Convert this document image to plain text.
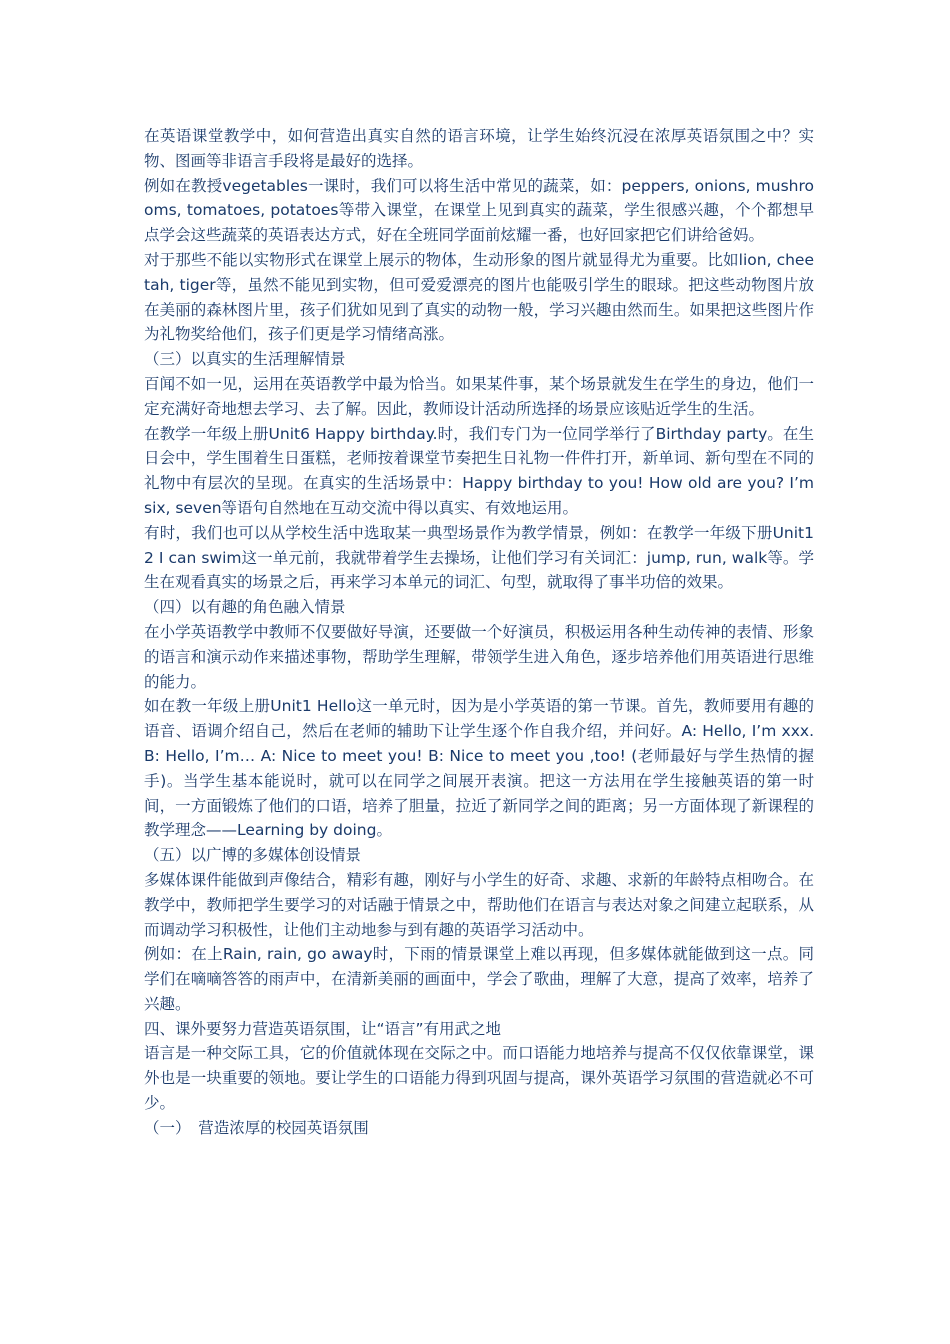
在英语课堂教学中，如何营造出真实自然的语言环境，让学生始终沉浸在浓厚英语氛围之中？实物、图画等非语言手段将是最好的选择。

例如在教授vegetables一课时，我们可以将生活中常见的蔬菜，如：peppers, onions, mushrooms, tomatoes, potatoes等带入课堂，在课堂上见到真实的蔬菜，学生很感兴趣，个个都想早点学会这些蔬菜的英语表达方式，好在全班同学面前炫耀一番，也好回家把它们讲给爸妈。

对于那些不能以实物形式在课堂上展示的物体，生动形象的图片就显得尤为重要。比如lion, cheetah, tiger等，虽然不能见到实物，但可爱爱漂亮的图片也能吸引学生的眼球。把这些动物图片放在美丽的森林图片里，孩子们犹如见到了真实的动物一般，学习兴趣由然而生。如果把这些图片作为礼物奖给他们，孩子们更是学习情绪高涨。

（三）以真实的生活理解情景

百闻不如一见，运用在英语教学中最为恰当。如果某件事，某个场景就发生在学生的身边，他们一定充满好奇地想去学习、去了解。因此，教师设计活动所选择的场景应该贴近学生的生活。

在教学一年级上册Unit6 Happy birthday.时，我们专门为一位同学举行了Birthday party。在生日会中，学生围着生日蛋糕，老师按着课堂节奏把生日礼物一件件打开，新单词、新句型在不同的礼物中有层次的呈现。在真实的生活场景中：Happy birthday to you! How old are you? I’m six, seven等语句自然地在互动交流中得以真实、有效地运用。

有时，我们也可以从学校生活中选取某一典型场景作为教学情景，例如：在教学一年级下册Unit12 I can swim这一单元前，我就带着学生去操场，让他们学习有关词汇：jump, run, walk等。学生在观看真实的场景之后，再来学习本单元的词汇、句型，就取得了事半功倍的效果。

（四）以有趣的角色融入情景

在小学英语教学中教师不仅要做好导演，还要做一个好演员，积极运用各种生动传神的表情、形象的语言和演示动作来描述事物，帮助学生理解，带领学生进入角色，逐步培养他们用英语进行思维的能力。

如在教一年级上册Unit1 Hello这一单元时，因为是小学英语的第一节课。首先，教师要用有趣的语音、语调介绍自己，然后在老师的辅助下让学生逐个作自我介绍，并问好。A: Hello, I’m xxx. B: Hello, I’m… A: Nice to meet you! B: Nice to meet you ,too! (老师最好与学生热情的握手)。当学生基本能说时，就可以在同学之间展开表演。把这一方法用在学生接触英语的第一时间，一方面锻炼了他们的口语，培养了胆量，拉近了新同学之间的距离；另一方面体现了新课程的教学理念——Learning by doing。

（五）以广博的多媒体创设情景

多媒体课件能做到声像结合，精彩有趣，刚好与小学生的好奇、求趣、求新的年龄特点相吻合。在教学中，教师把学生要学习的对话融于情景之中，帮助他们在语言与表达对象之间建立起联系，从而调动学习积极性，让他们主动地参与到有趣的英语学习活动中。

例如：在上Rain, rain, go away时，下雨的情景课堂上难以再现，但多媒体就能做到这一点。同学们在嘀嘀答答的雨声中，在清新美丽的画面中，学会了歌曲，理解了大意，提高了效率，培养了兴趣。

四、课外要努力营造英语氛围，让“语言”有用武之地

语言是一种交际工具，它的价值就体现在交际之中。而口语能力地培养与提高不仅仅依靠课堂，课外也是一块重要的领地。要让学生的口语能力得到巩固与提高，课外英语学习氛围的营造就必不可少。

（一）　营造浓厚的校园英语氛围
